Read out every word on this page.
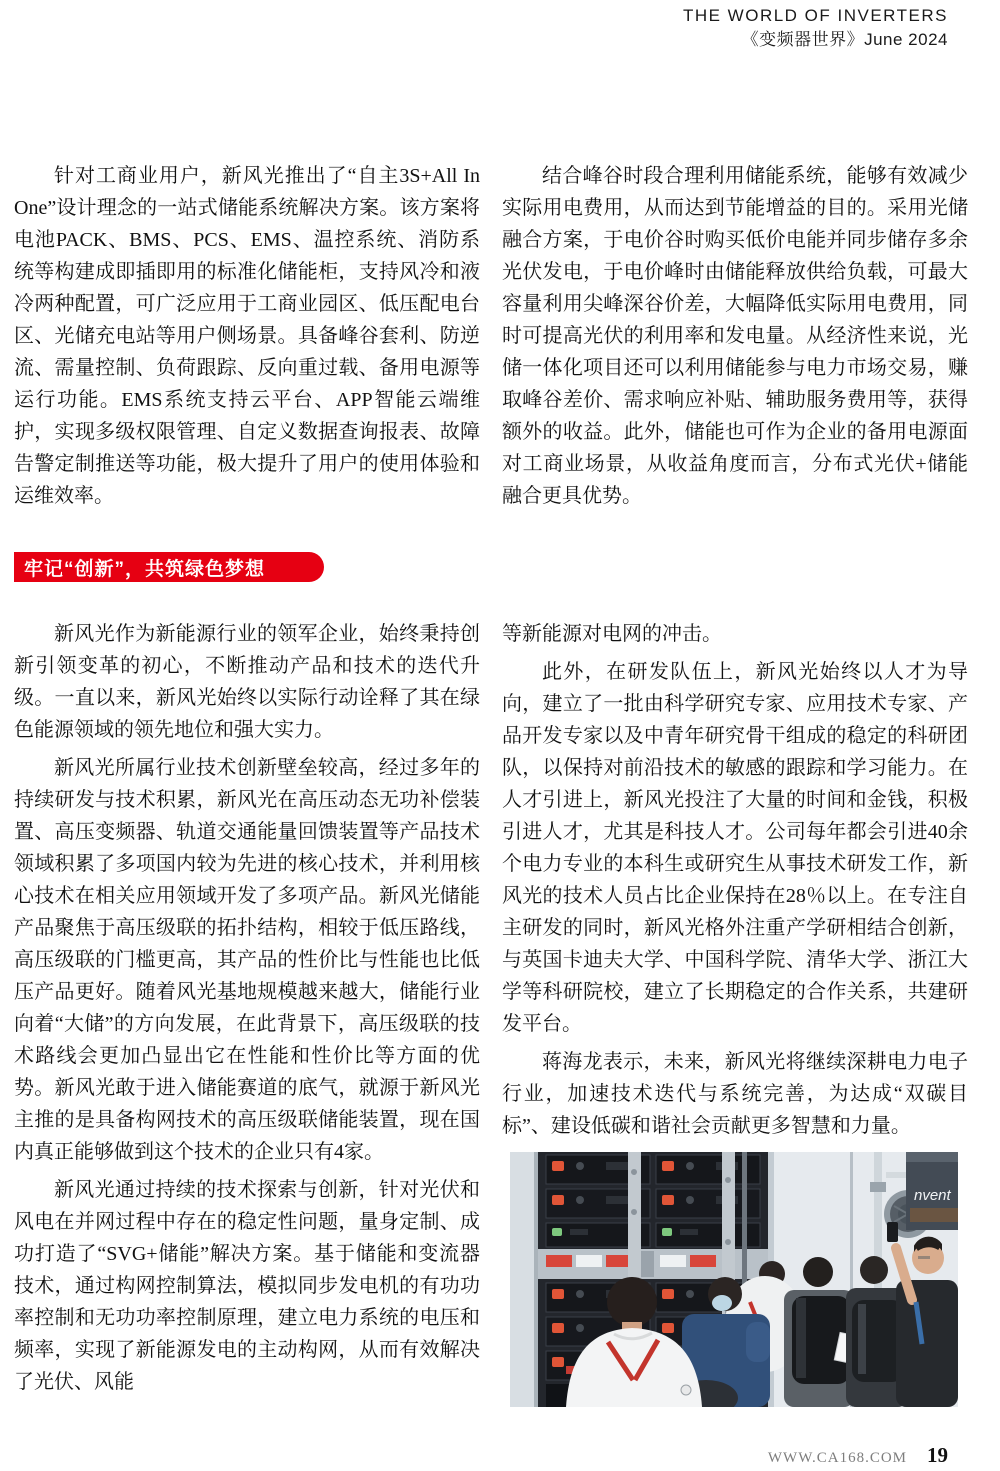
THE WORLD OF INVERTERS
《变频器世界》June 2024

针对工商业用户，新风光推出了“自主3S+All In One”设计理念的一站式储能系统解决方案。该方案将电池PACK、BMS、PCS、EMS、温控系统、消防系统等构建成即插即用的标准化储能柜，支持风冷和液冷两种配置，可广泛应用于工商业园区、低压配电台区、光储充电站等用户侧场景。具备峰谷套利、防逆流、需量控制、负荷跟踪、反向重过载、备用电源等运行功能。EMS系统支持云平台、APP智能云端维护，实现多级权限管理、自定义数据查询报表、故障告警定制推送等功能，极大提升了用户的使用体验和运维效率。

结合峰谷时段合理利用储能系统，能够有效减少实际用电费用，从而达到节能增益的目的。采用光储融合方案，于电价谷时购买低价电能并同步储存多余光伏发电，于电价峰时由储能释放供给负载，可最大容量利用尖峰深谷价差，大幅降低实际用电费用，同时可提高光伏的利用率和发电量。从经济性来说，光储一体化项目还可以利用储能参与电力市场交易，赚取峰谷差价、需求响应补贴、辅助服务费用等，获得额外的收益。此外，储能也可作为企业的备用电源面对工商业场景，从收益角度而言，分布式光伏+储能融合更具优势。

牢记“创新”，共筑绿色梦想

新风光作为新能源行业的领军企业，始终秉持创新引领变革的初心，不断推动产品和技术的迭代升级。一直以来，新风光始终以实际行动诠释了其在绿色能源领域的领先地位和强大实力。

新风光所属行业技术创新壁垒较高，经过多年的持续研发与技术积累，新风光在高压动态无功补偿装置、高压变频器、轨道交通能量回馈装置等产品技术领域积累了多项国内较为先进的核心技术，并利用核心技术在相关应用领域开发了多项产品。新风光储能产品聚焦于高压级联的拓扑结构，相较于低压路线，高压级联的门槛更高，其产品的性价比与性能也比低压产品更好。随着风光基地规模越来越大，储能行业向着“大储”的方向发展，在此背景下，高压级联的技术路线会更加凸显出它在性能和性价比等方面的优势。新风光敢于进入储能赛道的底气，就源于新风光主推的是具备构网技术的高压级联储能装置，现在国内真正能够做到这个技术的企业只有4家。

新风光通过持续的技术探索与创新，针对光伏和风电在并网过程中存在的稳定性问题，量身定制、成功打造了“SVG+储能”解决方案。基于储能和变流器技术，通过构网控制算法，模拟同步发电机的有功功率控制和无功功率控制原理，建立电力系统的电压和频率，实现了新能源发电的主动构网，从而有效解决了光伏、风能

等新能源对电网的冲击。

此外，在研发队伍上，新风光始终以人才为导向，建立了一批由科学研究专家、应用技术专家、产品开发专家以及中青年研究骨干组成的稳定的科研团队，以保持对前沿技术的敏感的跟踪和学习能力。在人才引进上，新风光投注了大量的时间和金钱，积极引进人才，尤其是科技人才。公司每年都会引进40余个电力专业的本科生或研究生从事技术研发工作，新风光的技术人员占比企业保持在28％以上。在专注自主研发的同时，新风光格外注重产学研相结合创新，与英国卡迪夫大学、中国科学院、清华大学、浙江大学等科研院校，建立了长期稳定的合作关系，共建研发平台。

蒋海龙表示，未来，新风光将继续深耕电力电子行业，加速技术迭代与系统完善，为达成“双碳目标”、建设低碳和谐社会贡献更多智慧和力量。

nvent
WWW.CA168.COM 19
